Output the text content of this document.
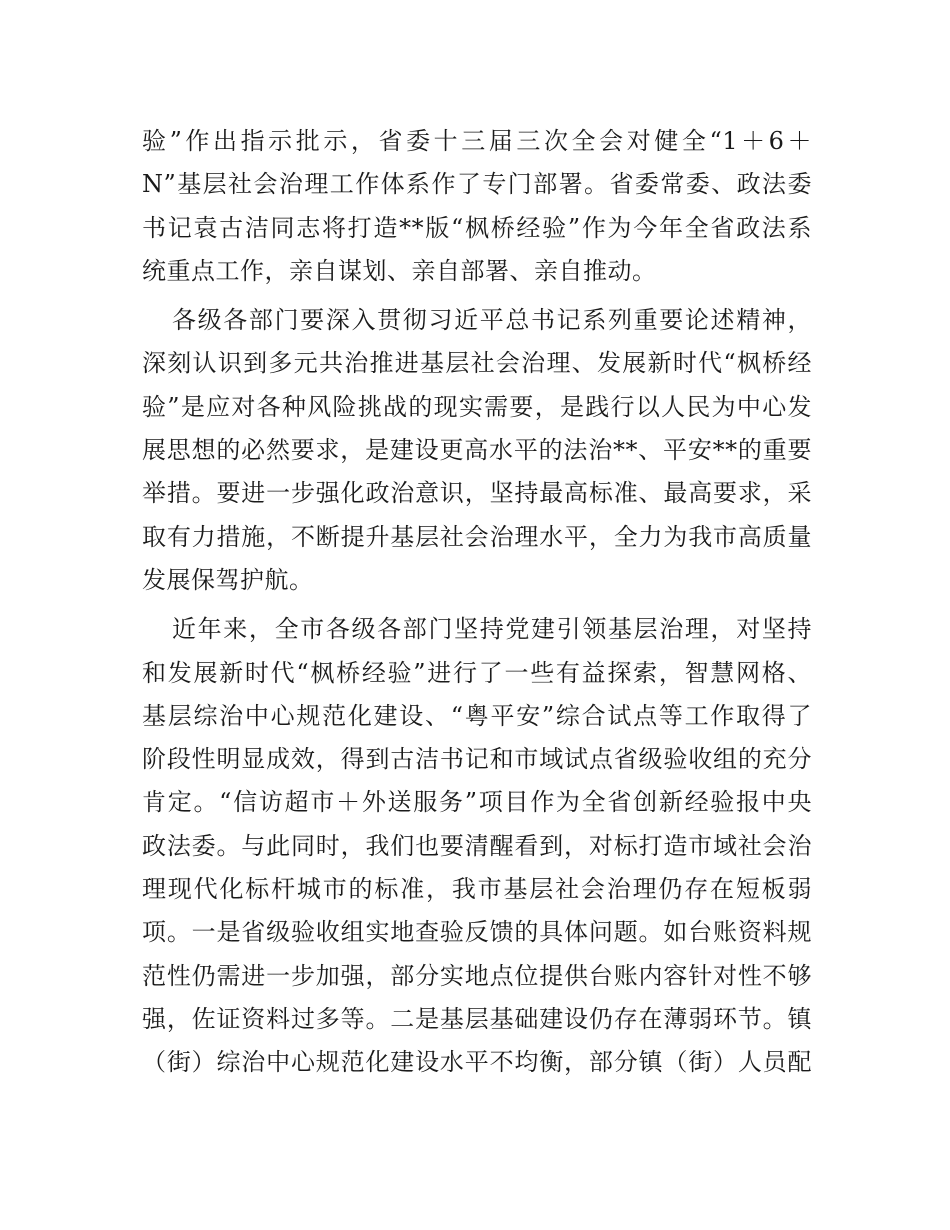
验”作出指示批示，省委十三届三次全会对健全“1＋6＋
N”基层社会治理工作体系作了专门部署。省委常委、政法委
书记袁古洁同志将打造**版“枫桥经验”作为今年全省政法系
统重点工作，亲自谋划、亲自部署、亲自推动。
各级各部门要深入贯彻习近平总书记系列重要论述精神，
深刻认识到多元共治推进基层社会治理、发展新时代“枫桥经
验”是应对各种风险挑战的现实需要，是践行以人民为中心发
展思想的必然要求，是建设更高水平的法治**、平安**的重要
举措。要进一步强化政治意识，坚持最高标准、最高要求，采
取有力措施，不断提升基层社会治理水平，全力为我市高质量
发展保驾护航。
近年来，全市各级各部门坚持党建引领基层治理，对坚持
和发展新时代“枫桥经验”进行了一些有益探索，智慧网格、
基层综治中心规范化建设、“粤平安”综合试点等工作取得了
阶段性明显成效，得到古洁书记和市域试点省级验收组的充分
肯定。“信访超市＋外送服务”项目作为全省创新经验报中央
政法委。与此同时，我们也要清醒看到，对标打造市域社会治
理现代化标杆城市的标准，我市基层社会治理仍存在短板弱
项。一是省级验收组实地查验反馈的具体问题。如台账资料规
范性仍需进一步加强，部分实地点位提供台账内容针对性不够
强，佐证资料过多等。二是基层基础建设仍存在薄弱环节。镇
（街）综治中心规范化建设水平不均衡，部分镇（街）人员配
